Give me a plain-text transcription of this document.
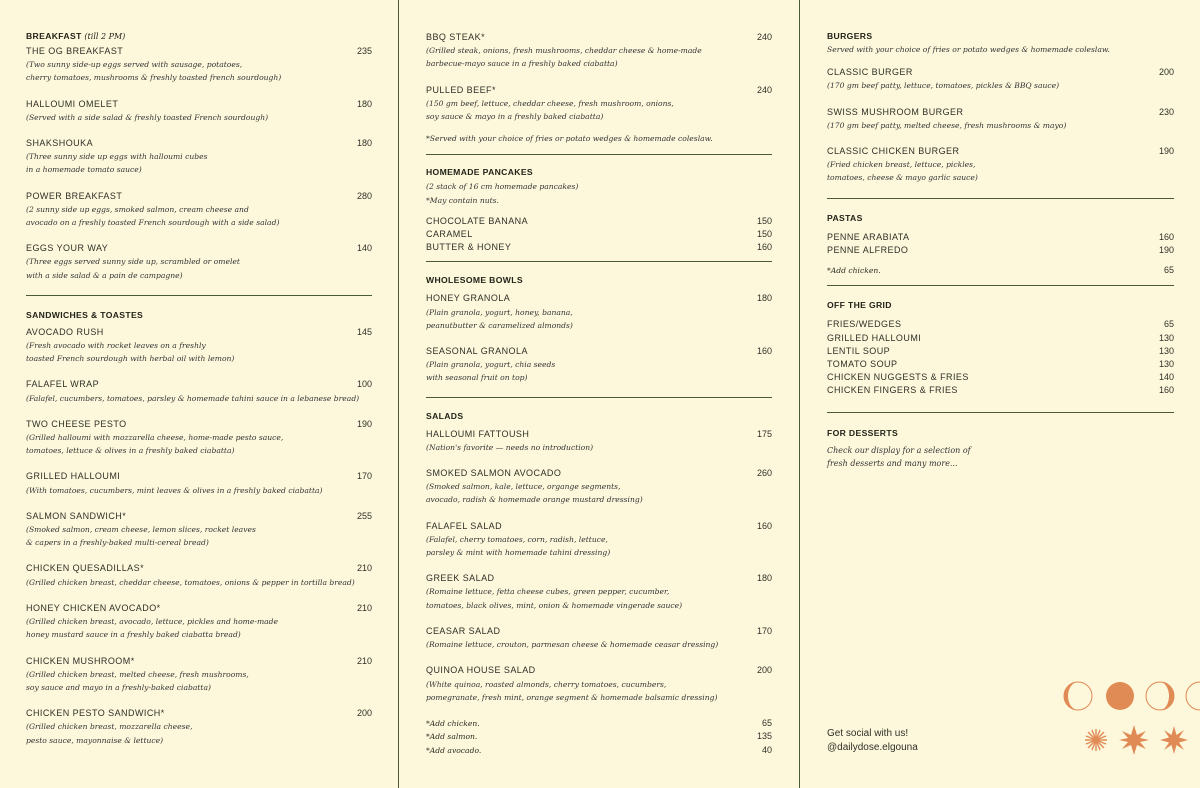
BREAKFAST (till 2 PM)
THE OG BREAKFAST	235
(Two sunny side-up eggs served with sausage, potatoes,
cherry tomatoes, mushrooms & freshly toasted french sourdough)
HALLOUMI OMELET	180
(Served with a side salad & freshly toasted French sourdough)
SHAKSHOUKA	180
(Three sunny side up eggs with halloumi cubes
in a homemade tomato sauce)
POWER BREAKFAST	280
(2 sunny side up eggs, smoked salmon, cream cheese and
avocado on a freshly toasted French sourdough with a side salad)
EGGS YOUR WAY	140
(Three eggs served sunny side up, scrambled or omelet
with a side salad & a pain de campagne)
SANDWICHES & TOASTES
AVOCADO RUSH	145
(Fresh avocado with rocket leaves on a freshly
toasted French sourdough with herbal oil with lemon)
FALAFEL WRAP	100
(Falafel, cucumbers, tomatoes, parsley & homemade tahini sauce in a lebanese bread)
TWO CHEESE PESTO	190
(Grilled halloumi with mozzarella cheese, home-made pesto sauce,
tomatoes, lettuce & olives in a freshly baked ciabatta)
GRILLED HALLOUMI	170
(With tomatoes, cucumbers, mint leaves & olives in a freshly baked ciabatta)
SALMON SANDWICH*	255
(Smoked salmon, cream cheese, lemon slices, rocket leaves
& capers in a freshly-baked multi-cereal bread)
CHICKEN QUESADILLAS*	210
(Grilled chicken breast, cheddar cheese, tomatoes, onions & pepper in tortilla bread)
HONEY CHICKEN AVOCADO*	210
(Grilled chicken breast, avocado, lettuce, pickles and home-made
honey mustard sauce in a freshly baked ciabatta bread)
CHICKEN MUSHROOM*	210
(Grilled chicken breast, melted cheese, fresh mushrooms,
soy sauce and mayo in a freshly-baked ciabatta)
CHICKEN PESTO SANDWICH*	200
(Grilled chicken breast, mozzarella cheese,
pesto sauce, mayonnaise & lettuce)
BBQ STEAK*	240
(Grilled steak, onions, fresh mushrooms, cheddar cheese & home-made
barbecue-mayo sauce in a freshly baked ciabatta)
PULLED BEEF*	240
(150 gm beef, lettuce, cheddar cheese, fresh mushroom, onions,
soy sauce & mayo in a freshly baked ciabatta)
*Served with your choice of fries or potato wedges & homemade coleslaw.
HOMEMADE PANCAKES
(2 stack of 16 cm homemade pancakes)
*May contain nuts.
CHOCOLATE BANANA	150
CARAMEL	150
BUTTER & HONEY	160
WHOLESOME BOWLS
HONEY GRANOLA	180
(Plain granola, yogurt, honey, banana,
peanutbutter & caramelized almonds)
SEASONAL GRANOLA	160
(Plain granola, yogurt, chia seeds
with seasonal fruit on top)
SALADS
HALLOUMI FATTOUSH	175
(Nation's favorite — needs no introduction)
SMOKED SALMON AVOCADO	260
(Smoked salmon, kale, lettuce, organge segments,
avocado, radish & homemade orange mustard dressing)
FALAFEL SALAD	160
(Falafel, cherry tomatoes, corn, radish, lettuce,
parsley & mint with homemade tahini dressing)
GREEK SALAD	180
(Romaine lettuce, fetta cheese cubes, green pepper, cucumber,
tomatoes, black olives, mint, onion & homemade vingerade sauce)
CEASAR SALAD	170
(Romaine lettuce, crouton, parmesan cheese & homemade ceasar dressing)
QUINOA HOUSE SALAD	200
(White quinoa, roasted almonds, cherry tomatoes, cucumbers,
pomegranate, fresh mint, orange segment & homemade balsamic dressing)
*Add chicken.	65
*Add salmon.	135
*Add avocado.	40
BURGERS
Served with your choice of fries or potato wedges & homemade coleslaw.
CLASSIC BURGER	200
(170 gm beef patty, lettuce, tomatoes, pickles & BBQ sauce)
SWISS MUSHROOM BURGER	230
(170 gm beef patty, melted cheese, fresh mushrooms & mayo)
CLASSIC CHICKEN BURGER	190
(Fried chicken breast, lettuce, pickles,
tomatoes, cheese & mayo garlic sauce)
PASTAS
PENNE ARABIATA	160
PENNE ALFREDO	190
*Add chicken.	65
OFF THE GRID
FRIES/WEDGES	65
GRILLED HALLOUMI	130
LENTIL SOUP	130
TOMATO SOUP	130
CHICKEN NUGGESTS & FRIES	140
CHICKEN FINGERS & FRIES	160
FOR DESSERTS
Check our display for a selection of
fresh desserts and many more...
Get social with us!
@dailydose.elgouna
